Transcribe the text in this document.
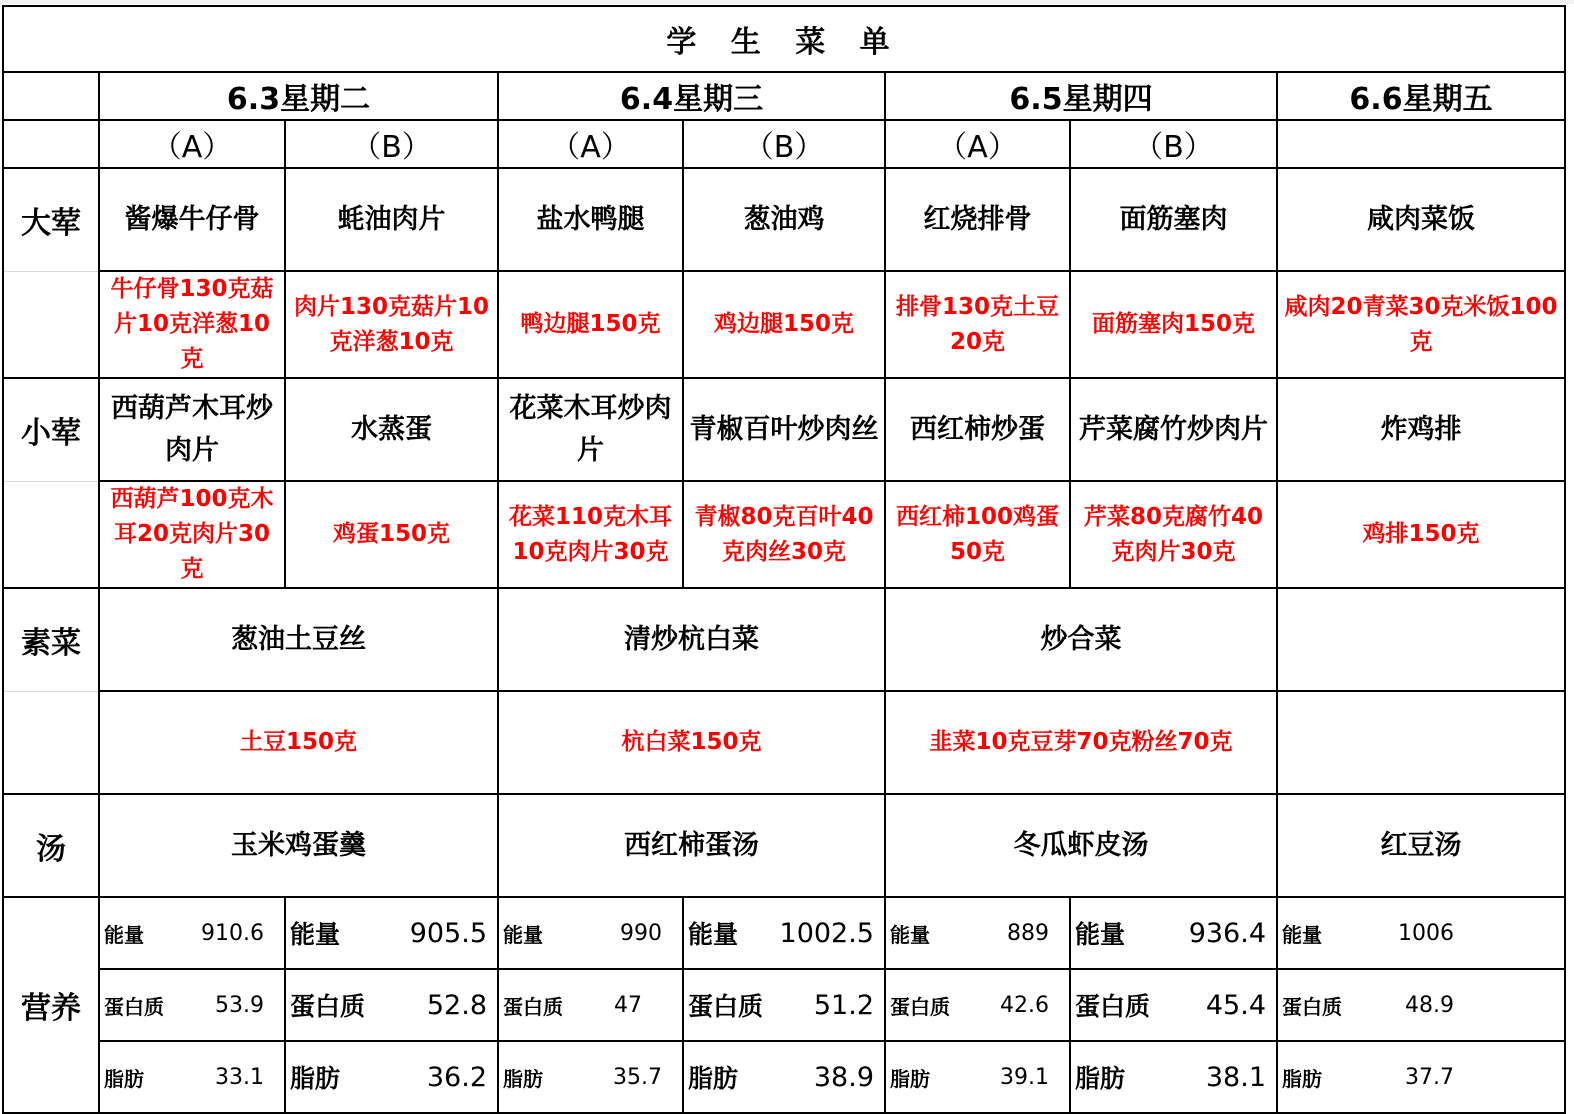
学 生 菜 单							
	6.3星期二		6.4星期三		6.5星期四		6.6星期五
	（A）	（B）	（A）	（B）	（A）	（B）	
大荤	酱爆牛仔骨	蚝油肉片	盐水鸭腿	葱油鸡	红烧排骨	面筋塞肉	咸肉菜饭
	牛仔骨130克菇片10克洋葱10克	肉片130克菇片10克洋葱10克	鸭边腿150克	鸡边腿150克	排骨130克土豆20克	面筋塞肉150克	咸肉20青菜30克米饭100克
小荤	西葫芦木耳炒肉片	水蒸蛋	花菜木耳炒肉片	青椒百叶炒肉丝	西红柿炒蛋	芹菜腐竹炒肉片	炸鸡排
	西葫芦100克木耳20克肉片30克	鸡蛋150克	花菜110克木耳10克肉片30克	青椒80克百叶40克肉丝30克	西红柿100鸡蛋50克	芹菜80克腐竹40克肉片30克	鸡排150克
素菜	葱油土豆丝		清炒杭白菜		炒合菜		
	土豆150克		杭白菜150克		韭菜10克豆芽70克粉丝70克		
汤	玉米鸡蛋羹		西红柿蛋汤		冬瓜虾皮汤		红豆汤
营养	能量 910.6	能量 905.5	能量 990	能量 1002.5	能量 889	能量 936.4	能量 1006

	蛋白质 53.9	蛋白质 52.8	蛋白质 47	蛋白质 51.2	蛋白质 42.6	蛋白质 45.4	蛋白质 48.9

	脂肪 33.1	脂肪 36.2	脂肪 35.7	脂肪 38.9	脂肪 39.1	脂肪 38.1	脂肪 37.7
